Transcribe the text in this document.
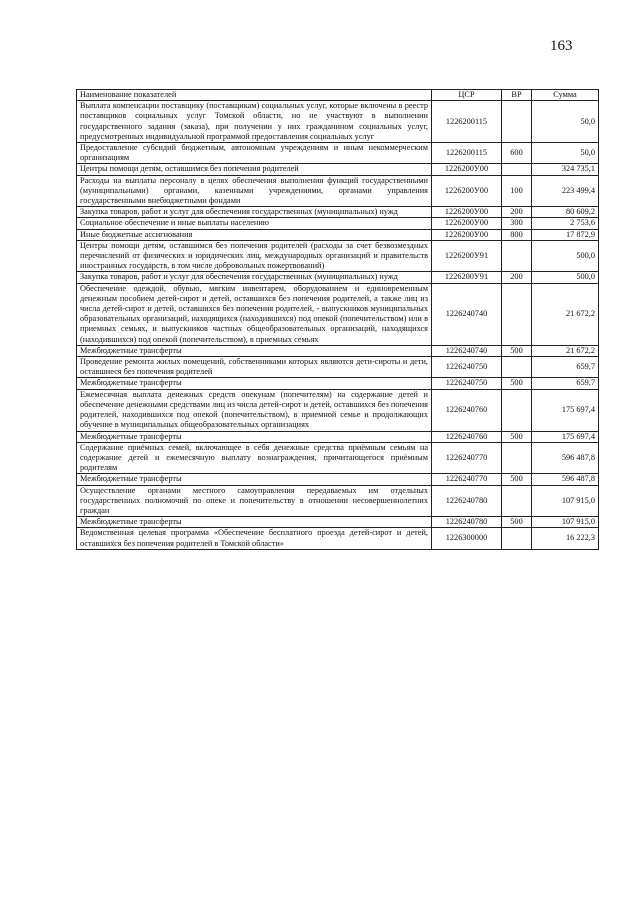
163
Наименование показателей	ЦСР	ВР	Сумма
Выплата компенсации поставщику (поставщикам) социальных услуг, которые включены в реестр поставщиков социальных услуг Томской области, но не участвуют в выполнении государственного задания (заказа), при получении у них гражданином социальных услуг, предусмотренных индивидуальной программой предоставления социальных услуг	1226200115		50,0
Предоставление субсидий бюджетным, автономным учреждениям и иным некоммерческим организациям	1226200115	600	50,0
Центры помощи детям, оставшимся без попечения родителей	1226200У00		324 735,1
Расходы на выплаты персоналу в целях обеспечения выполнения функций государственными (муниципальными) органами, казенными учреждениями, органами управления государственными внебюджетными фондами	1226200У00	100	223 499,4
Закупка товаров, работ и услуг для обеспечения государственных (муниципальных) нужд	1226200У00	200	80 609,2
Социальное обеспечение и иные выплаты населению	1226200У00	300	2 753,6
Иные бюджетные ассигнования	1226200У00	800	17 872,9
Центры помощи детям, оставшимся без попечения родителей (расходы за счет безвозмездных перечислений от физических и юридических лиц, международных организаций и правительств иностранных государств, в том числе добровольных пожертвований)	1226200У91		500,0
Закупка товаров, работ и услуг для обеспечения государственных (муниципальных) нужд	1226200У91	200	500,0
Обеспечение одеждой, обувью, мягким инвентарем, оборудованием и единовременным денежным пособием детей-сирот и детей, оставшихся без попечения родителей, а также лиц из числа детей-сирот и детей, оставшихся без попечения родителей, - выпускников муниципальных образовательных организаций, находящихся (находившихся) под опекой (попечительством) или в приемных семьях, и выпускников частных общеобразовательных организаций, находящихся (находившихся) под опекой (попечительством), в приемных семьях	1226240740		21 672,2
Межбюджетные трансферты	1226240740	500	21 672,2
Проведение ремонта жилых помещений, собственниками которых являются дети-сироты и дети, оставшиеся без попечения родителей	1226240750		659,7
Межбюджетные трансферты	1226240750	500	659,7
Ежемесячная выплата денежных средств опекунам (попечителям) на содержание детей и обеспечение денежными средствами лиц из числа детей-сирот и детей, оставшихся без попечения родителей, находившихся под опекой (попечительством), в приемной семье и продолжающих обучение в муниципальных общеобразовательных организациях	1226240760		175 697,4
Межбюджетные трансферты	1226240760	500	175 697,4
Содержание приёмных семей, включающее в себя денежные средства приёмным семьям на содержание детей и ежемесячную выплату вознаграждения, причитающегося приёмным родителям	1226240770		596 487,8
Межбюджетные трансферты	1226240770	500	596 487,8
Осуществление органами местного самоуправления передаваемых им отдельных государственных полномочий по опеке и попечительству в отношении несовершеннолетних граждан	1226240780		107 915,0
Межбюджетные трансферты	1226240780	500	107 915,0
Ведомственная целевая программа «Обеспечение бесплатного проезда детей-сирот и детей, оставшихся без попечения родителей в Томской области»	1226300000		16 222,3
